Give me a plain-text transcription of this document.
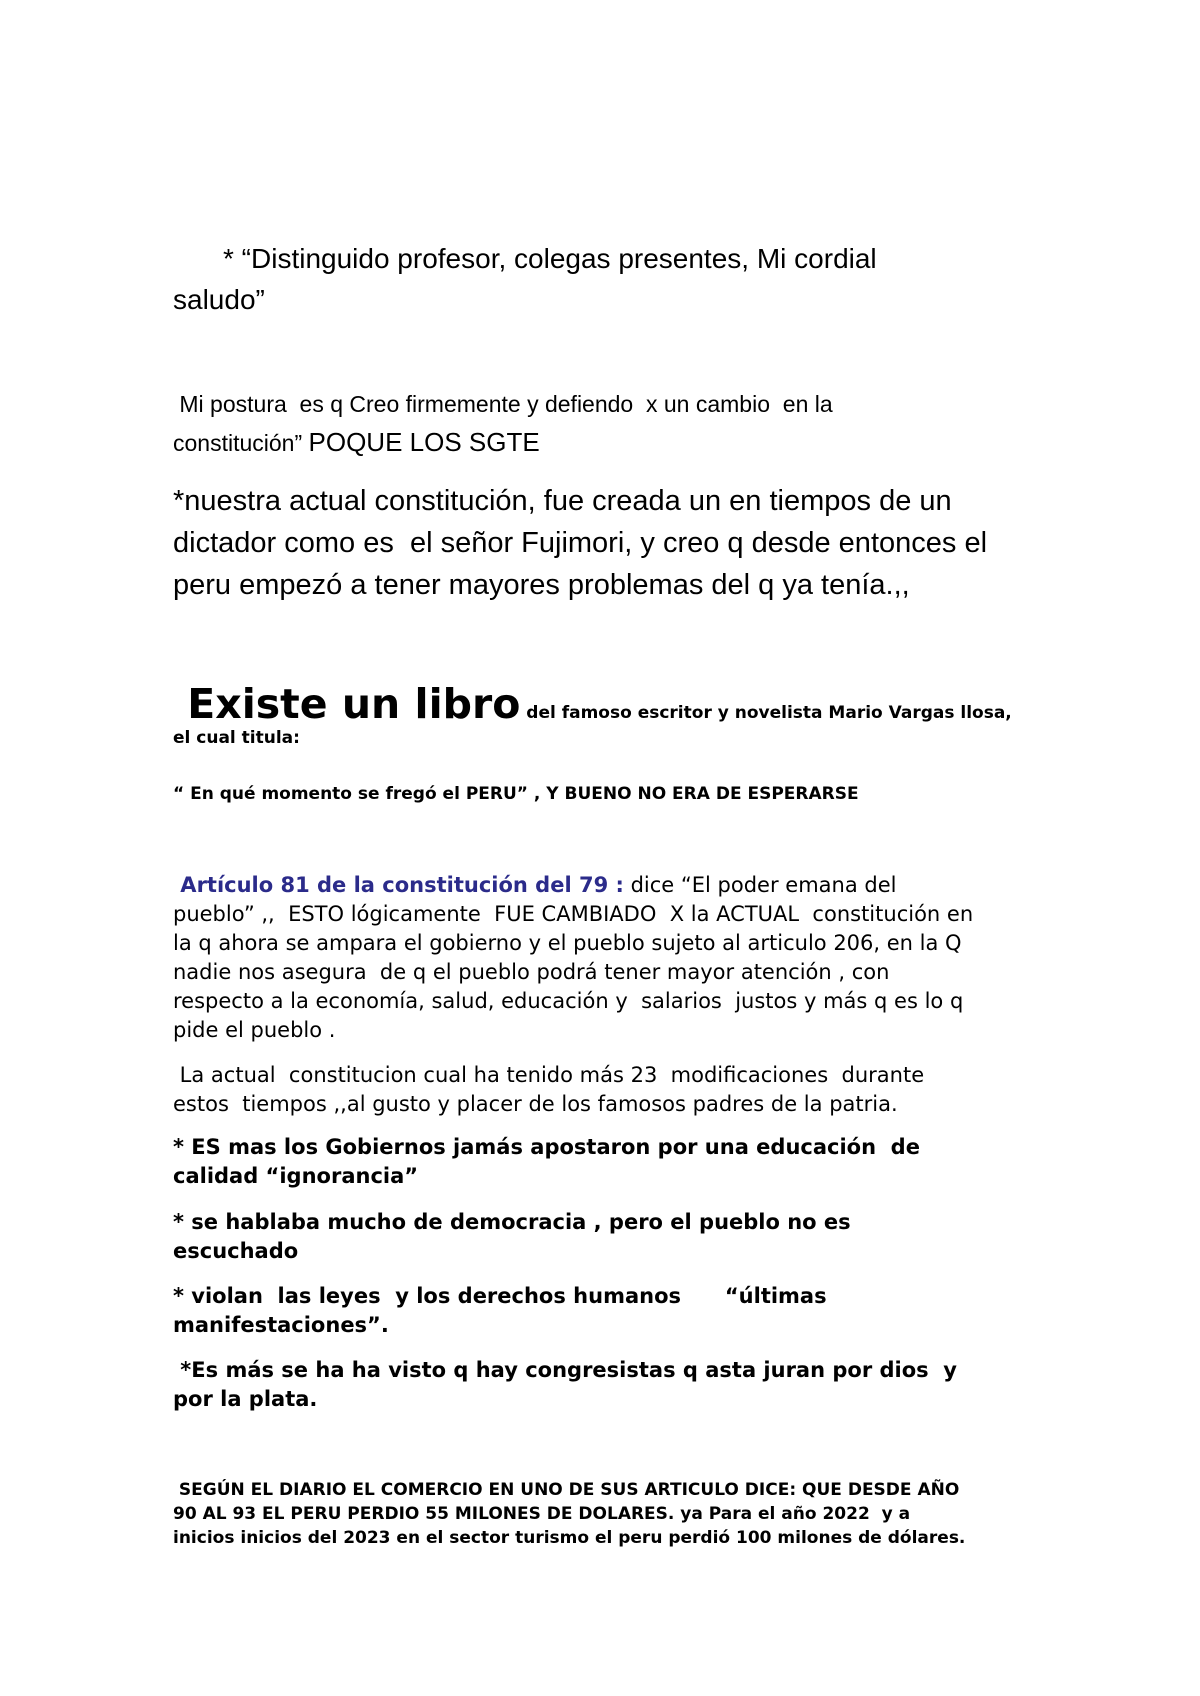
* “Distinguido profesor, colegas presentes, Mi cordial
saludo”
Mi postura  es q Creo firmemente y defiendo  x un cambio  en la
constitución” POQUE LOS SGTE
*nuestra actual constitución, fue creada un en tiempos de un
dictador como es  el señor Fujimori, y creo q desde entonces el
peru empezó a tener mayores problemas del q ya tenía.,,
Existe un libro del famoso escritor y novelista Mario Vargas llosa,
el cual titula:
“ En qué momento se fregó el PERU” , Y BUENO NO ERA DE ESPERARSE
Artículo 81 de la constitución del 79 : dice “El poder emana del
pueblo” ,,  ESTO lógicamente  FUE CAMBIADO  X la ACTUAL  constitución en
la q ahora se ampara el gobierno y el pueblo sujeto al articulo 206, en la Q
nadie nos asegura  de q el pueblo podrá tener mayor atención , con
respecto a la economía, salud, educación y  salarios  justos y más q es lo q
pide el pueblo .
La actual  constitucion cual ha tenido más 23  modificaciones  durante
estos  tiempos ,,al gusto y placer de los famosos padres de la patria.
* ES mas los Gobiernos jamás apostaron por una educación  de
calidad “ignorancia”
* se hablaba mucho de democracia , pero el pueblo no es
escuchado
* violan  las leyes  y los derechos humanos      “últimas
manifestaciones”.
*Es más se ha ha visto q hay congresistas q asta juran por dios  y
por la plata.
SEGÚN EL DIARIO EL COMERCIO EN UNO DE SUS ARTICULO DICE: QUE DESDE AÑO
90 AL 93 EL PERU PERDIO 55 MILONES DE DOLARES. ya Para el año 2022  y a
inicios inicios del 2023 en el sector turismo el peru perdió 100 milones de dólares.
